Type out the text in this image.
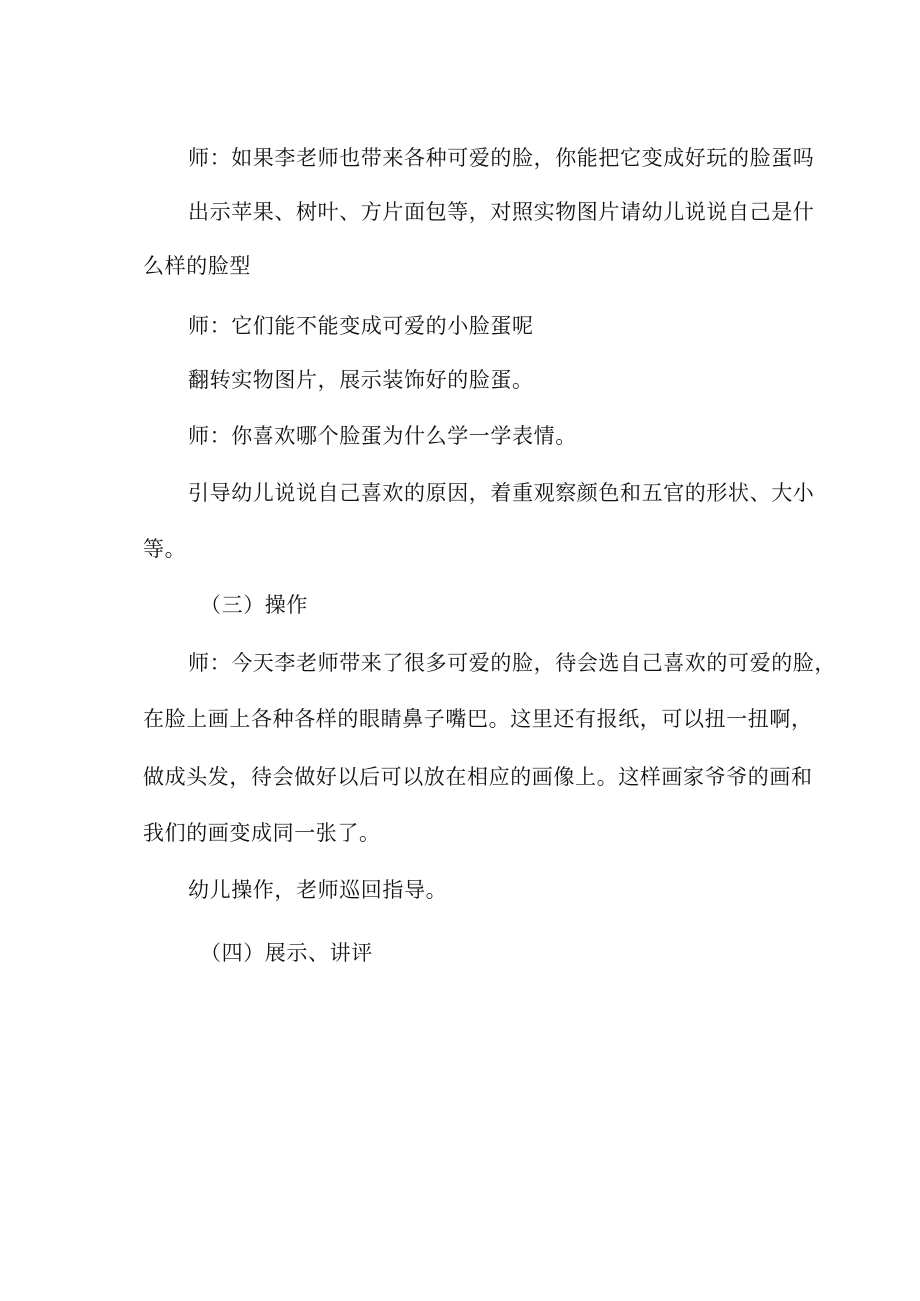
师：如果李老师也带来各种可爱的脸，你能把它变成好玩的脸蛋吗

出示苹果、树叶、方片面包等，对照实物图片请幼儿说说自己是什

么样的脸型

师：它们能不能变成可爱的小脸蛋呢

翻转实物图片，展示装饰好的脸蛋。

师：你喜欢哪个脸蛋为什么学一学表情。

引导幼儿说说自己喜欢的原因，着重观察颜色和五官的形状、大小

等。

（三）操作

师：今天李老师带来了很多可爱的脸，待会选自己喜欢的可爱的脸，

在脸上画上各种各样的眼睛鼻子嘴巴。这里还有报纸，可以扭一扭啊，

做成头发，待会做好以后可以放在相应的画像上。这样画家爷爷的画和

我们的画变成同一张了。

幼儿操作，老师巡回指导。

（四）展示、讲评
